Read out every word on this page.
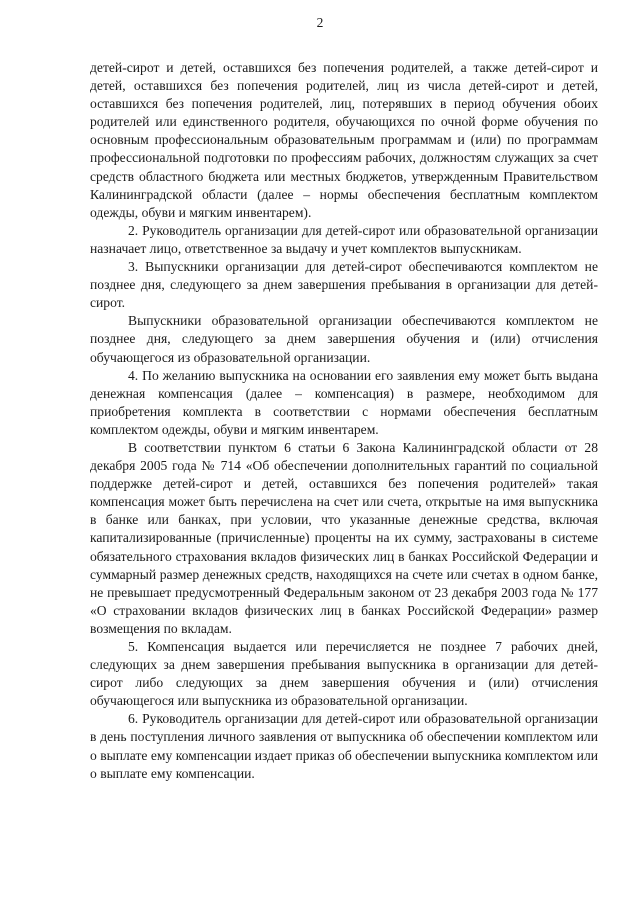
2

детей-сирот и детей, оставшихся без попечения родителей, а также детей-сирот и детей, оставшихся без попечения родителей, лиц из числа детей-сирот и детей, оставшихся без попечения родителей, лиц, потерявших в период обучения обоих родителей или единственного родителя, обучающихся по очной форме обучения по основным профессиональным образовательным программам и (или) по программам профессиональной подготовки по профессиям рабочих, должностям служащих за счет средств областного бюджета или местных бюджетов, утвержденным Правительством Калининградской области (далее – нормы обеспечения бесплатным комплектом одежды, обуви и мягким инвентарем).

2. Руководитель организации для детей-сирот или образовательной организации назначает лицо, ответственное за выдачу и учет комплектов выпускникам.

3. Выпускники организации для детей-сирот обеспечиваются комплектом не позднее дня, следующего за днем завершения пребывания в организации для детей-сирот.

Выпускники образовательной организации обеспечиваются комплектом не позднее дня, следующего за днем завершения обучения и (или) отчисления обучающегося из образовательной организации.

4. По желанию выпускника на основании его заявления ему может быть выдана денежная компенсация (далее – компенсация) в размере, необходимом для приобретения комплекта в соответствии с нормами обеспечения бесплатным комплектом одежды, обуви и мягким инвентарем.

В соответствии пунктом 6 статьи 6 Закона Калининградской области от 28 декабря 2005 года № 714 «Об обеспечении дополнительных гарантий по социальной поддержке детей-сирот и детей, оставшихся без попечения родителей» такая компенсация может быть перечислена на счет или счета, открытые на имя выпускника в банке или банках, при условии, что указанные денежные средства, включая капитализированные (причисленные) проценты на их сумму, застрахованы в системе обязательного страхования вкладов физических лиц в банках Российской Федерации и суммарный размер денежных средств, находящихся на счете или счетах в одном банке, не превышает предусмотренный Федеральным законом от 23 декабря 2003 года № 177 «О страховании вкладов физических лиц в банках Российской Федерации» размер возмещения по вкладам.

5. Компенсация выдается или перечисляется не позднее 7 рабочих дней, следующих за днем завершения пребывания выпускника в организации для детей-сирот либо следующих за днем завершения обучения и (или) отчисления обучающегося или выпускника из образовательной организации.

6. Руководитель организации для детей-сирот или образовательной организации в день поступления личного заявления от выпускника об обеспечении комплектом или о выплате ему компенсации издает приказ об обеспечении выпускника комплектом или о выплате ему компенсации.
